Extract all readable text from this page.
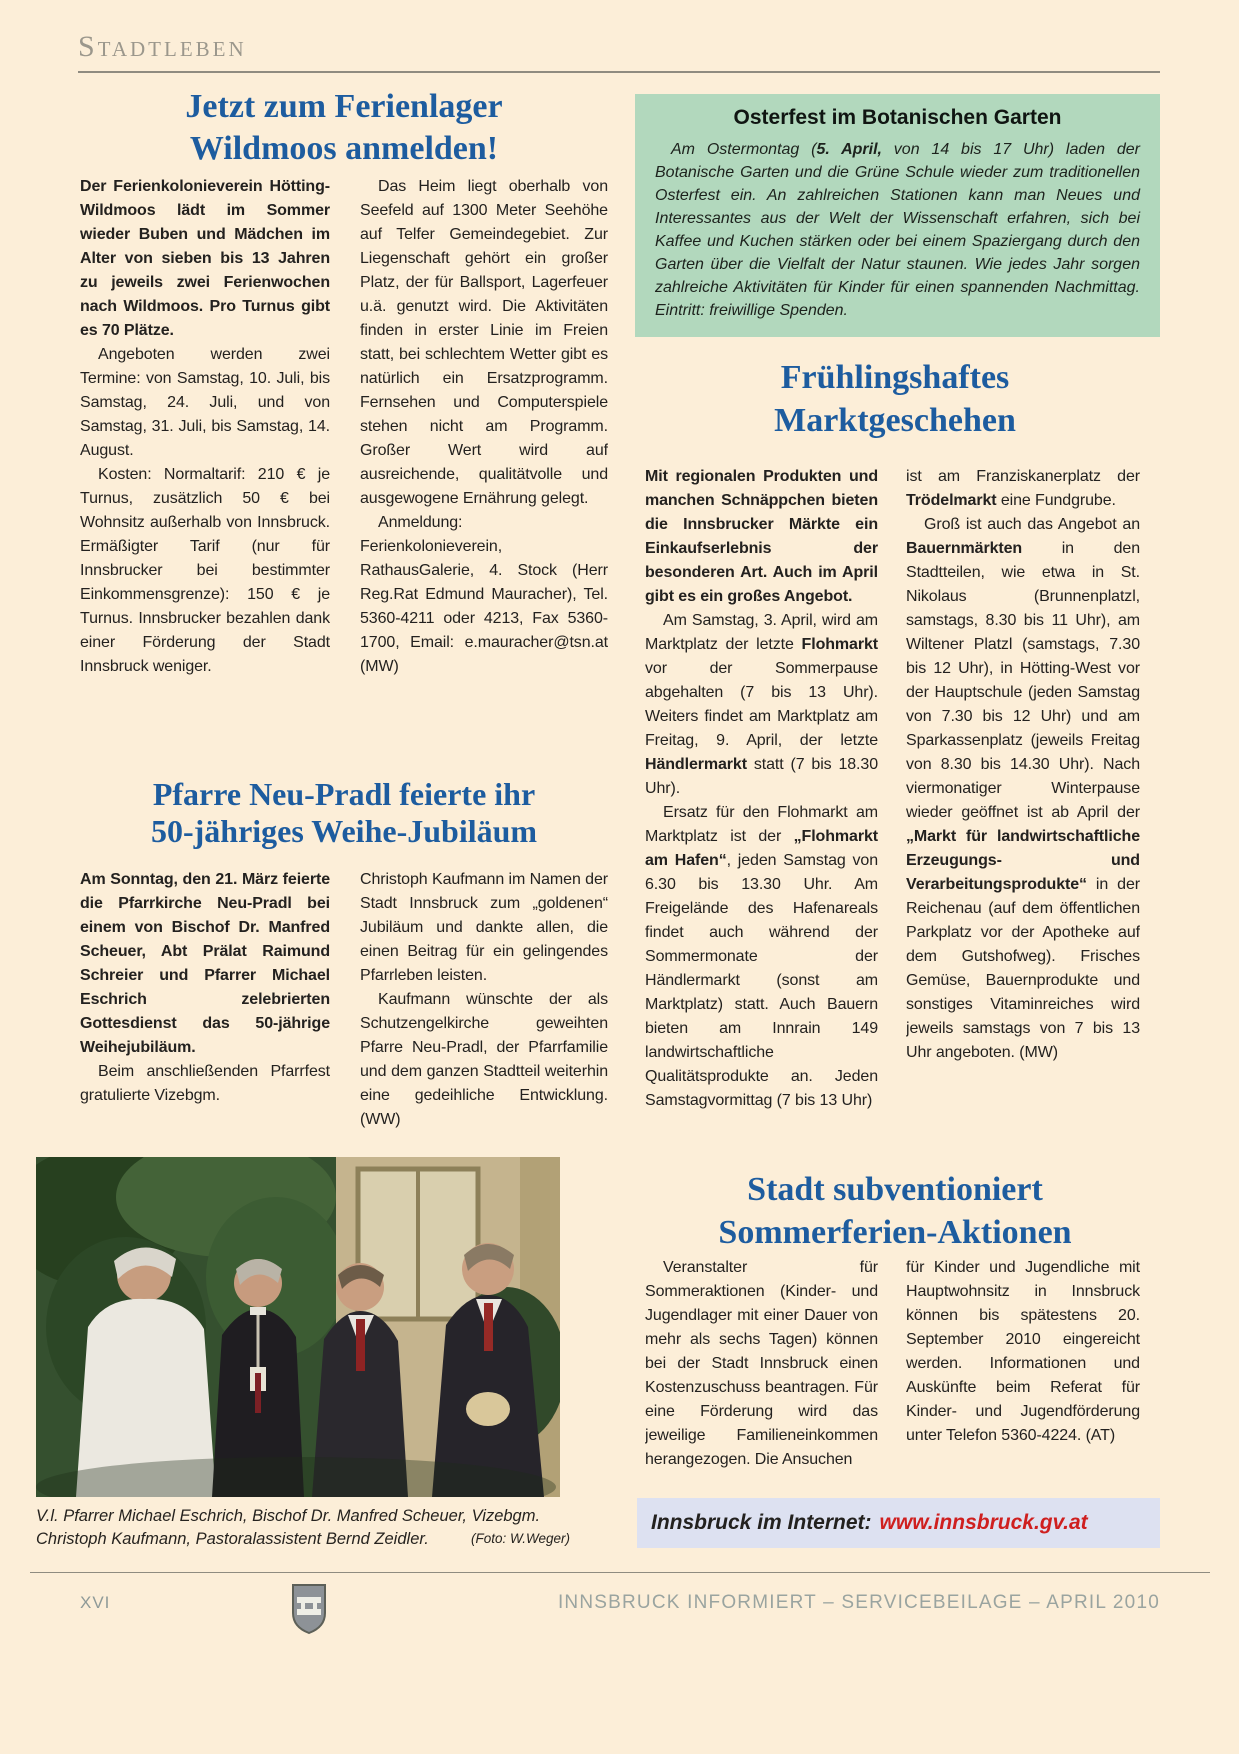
Stadtleben
Jetzt zum Ferienlager
Wildmoos anmelden!

Der Ferienkolonieverein Hötting-Wildmoos lädt im Sommer wieder Buben und Mädchen im Alter von sieben bis 13 Jahren zu jeweils zwei Ferienwochen nach Wildmoos. Pro Turnus gibt es 70 Plätze.

Angeboten werden zwei Termine: von Samstag, 10. Juli, bis Samstag, 24. Juli, und von Samstag, 31. Juli, bis Samstag, 14. August.

Kosten: Normaltarif: 210 € je Turnus, zusätzlich 50 € bei Wohnsitz außerhalb von Innsbruck. Ermäßigter Tarif (nur für Innsbrucker bei bestimmter Einkommensgrenze): 150 € je Turnus. Innsbrucker bezahlen dank einer Förderung der Stadt Innsbruck weniger.

Das Heim liegt oberhalb von Seefeld auf 1300 Meter Seehöhe auf Telfer Gemeindegebiet. Zur Liegenschaft gehört ein großer Platz, der für Ballsport, Lagerfeuer u.ä. genutzt wird. Die Aktivitäten finden in erster Linie im Freien statt, bei schlechtem Wetter gibt es natürlich ein Ersatzprogramm. Fernsehen und Computerspiele stehen nicht am Programm. Großer Wert wird auf ausreichende, qualitätvolle und ausgewogene Ernährung gelegt.

Anmeldung: Ferienkolonieverein, RathausGalerie, 4. Stock (Herr Reg.Rat Edmund Mauracher), Tel. 5360-4211 oder 4213, Fax 5360-1700, Email: e.mauracher@tsn.at (MW)

Osterfest im Botanischen Garten

Am Ostermontag (5. April, von 14 bis 17 Uhr) laden der Botanische Garten und die Grüne Schule wieder zum traditionellen Osterfest ein. An zahlreichen Stationen kann man Neues und Interessantes aus der Welt der Wissenschaft erfahren, sich bei Kaffee und Kuchen stärken oder bei einem Spaziergang durch den Garten über die Vielfalt der Natur staunen. Wie jedes Jahr sorgen zahlreiche Aktivitäten für Kinder für einen spannenden Nachmittag. Eintritt: freiwillige Spenden.

Frühlingshaftes
Marktgeschehen

Mit regionalen Produkten und manchen Schnäppchen bieten die Innsbrucker Märkte ein Einkaufserlebnis der besonderen Art. Auch im April gibt es ein großes Angebot.

Am Samstag, 3. April, wird am Marktplatz der letzte Flohmarkt vor der Sommerpause abgehalten (7 bis 13 Uhr). Weiters findet am Marktplatz am Freitag, 9. April, der letzte Händlermarkt statt (7 bis 18.30 Uhr).

Ersatz für den Flohmarkt am Marktplatz ist der „Flohmarkt am Hafen“, jeden Samstag von 6.30 bis 13.30 Uhr. Am Freigelände des Hafenareals findet auch während der Sommermonate der Händlermarkt (sonst am Marktplatz) statt. Auch Bauern bieten am Innrain 149 landwirtschaftliche Qualitätsprodukte an. Jeden Samstagvormittag (7 bis 13 Uhr)

ist am Franziskanerplatz der Trödelmarkt eine Fundgrube.

Groß ist auch das Angebot an Bauernmärkten in den Stadtteilen, wie etwa in St. Nikolaus (Brunnenplatzl, samstags, 8.30 bis 11 Uhr), am Wiltener Platzl (samstags, 7.30 bis 12 Uhr), in Hötting-West vor der Hauptschule (jeden Samstag von 7.30 bis 12 Uhr) und am Sparkassenplatz (jeweils Freitag von 8.30 bis 14.30 Uhr). Nach viermonatiger Winterpause wieder geöffnet ist ab April der „Markt für landwirtschaftliche Erzeugungs- und Verarbeitungsprodukte“ in der Reichenau (auf dem öffentlichen Parkplatz vor der Apotheke auf dem Gutshofweg). Frisches Gemüse, Bauernprodukte und sonstiges Vitaminreiches wird jeweils samstags von 7 bis 13 Uhr angeboten. (MW)

Pfarre Neu-Pradl feierte ihr
50-jähriges Weihe-Jubiläum

Am Sonntag, den 21. März feierte die Pfarrkirche Neu-Pradl bei einem von Bischof Dr. Manfred Scheuer, Abt Prälat Raimund Schreier und Pfarrer Michael Eschrich zelebrierten Gottesdienst das 50-jährige Weihejubiläum.

Beim anschließenden Pfarrfest gratulierte Vizebgm.

Christoph Kaufmann im Namen der Stadt Innsbruck zum „goldenen“ Jubiläum und dankte allen, die einen Beitrag für ein gelingendes Pfarrleben leisten.

Kaufmann wünschte der als Schutzengelkirche geweihten Pfarre Neu-Pradl, der Pfarrfamilie und dem ganzen Stadtteil weiterhin eine gedeihliche Entwicklung. (WW)

V.l. Pfarrer Michael Eschrich, Bischof Dr. Manfred Scheuer, Vizebgm. Christoph Kaufmann, Pastoralassistent Bernd Zeidler.	(Foto: W.Weger)
Stadt subventioniert
Sommerferien-Aktionen

Veranstalter für Sommeraktionen (Kinder- und Jugendlager mit einer Dauer von mehr als sechs Tagen) können bei der Stadt Innsbruck einen Kostenzuschuss beantragen. Für eine Förderung wird das jeweilige Familieneinkommen herangezogen. Die Ansuchen

für Kinder und Jugendliche mit Hauptwohnsitz in Innsbruck können bis spätestens 20. September 2010 eingereicht werden. Informationen und Auskünfte beim Referat für Kinder- und Jugendförderung unter Telefon 5360-4224. (AT)

Innsbruck im Internet: www.innsbruck.gv.at
XVI	INNSBRUCK INFORMIERT – SERVICEBEILAGE – APRIL 2010
